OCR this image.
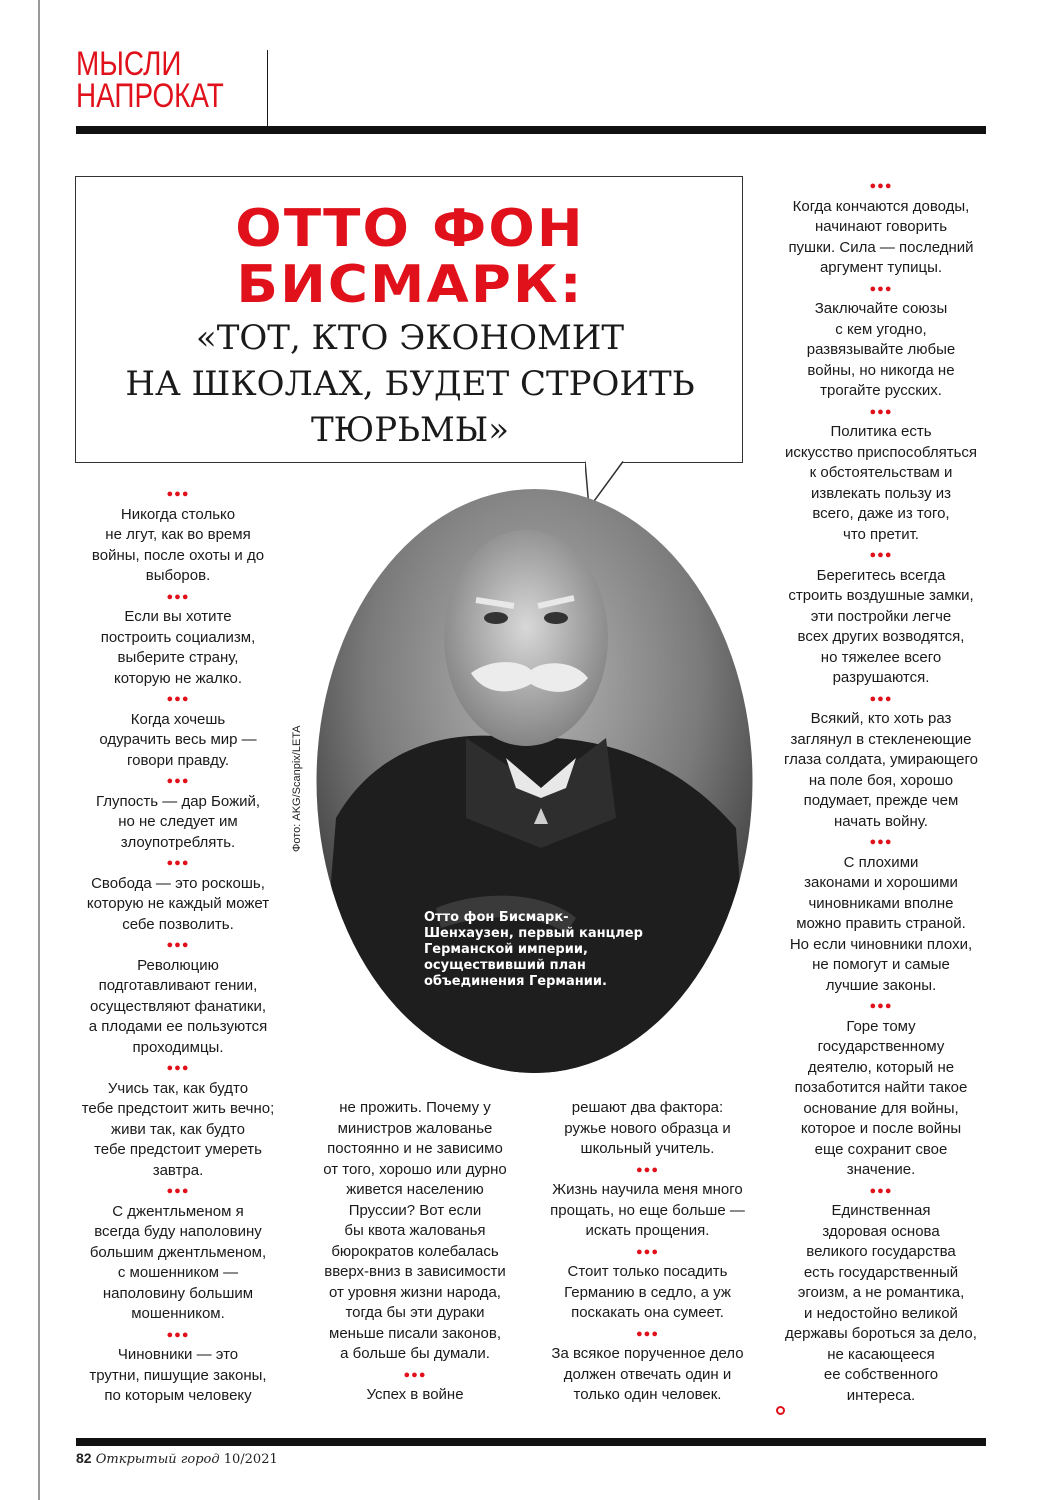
МЫСЛИ
НАПРОКАТ
ОТТО ФОН
БИСМАРК:
«ТОТ, КТО ЭКОНОМИТ
НА ШКОЛАХ, БУДЕТ СТРОИТЬ
ТЮРЬМЫ»
Фото: AKG/Scanpix/LETA
Отто фон Бисмарк-
Шенхаузен, первый канцлер
Германской империи,
осуществивший план
объединения Германии.
●●●

Никогда столько
не лгут, как во время
войны, после охоты и до
выборов.

●●●

Если вы хотите
построить социализм,
выберите страну,
которую не жалко.

●●●

Когда хочешь
одурачить весь мир —
говори правду.

●●●

Глупость — дар Божий,
но не следует им
злоупотреблять.

●●●

Свобода — это роскошь,
которую не каждый может
себе позволить.

●●●

Революцию
подготавливают гении,
осуществляют фанатики,
а плодами ее пользуются
проходимцы.

●●●

Учись так, как будто
тебе предстоит жить вечно;
живи так, как будто
тебе предстоит умереть
завтра.

●●●

С джентльменом я
всегда буду наполовину
большим джентльменом,
с мошенником —
наполовину большим
мошенником.

●●●

Чиновники — это
трутни, пишущие законы,
по которым человеку

не прожить. Почему у
министров жалованье
постоянно и не зависимо
от того, хорошо или дурно
живется населению
Пруссии? Вот если
бы квота жалованья
бюрократов колебалась
вверх-вниз в зависимости
от уровня жизни народа,
тогда бы эти дураки
меньше писали законов,
а больше бы думали.

●●●

Успех в войне

решают два фактора:
ружье нового образца и
школьный учитель.

●●●

Жизнь научила меня много
прощать, но еще больше —
искать прощения.

●●●

Стоит только посадить
Германию в седло, а уж
поскакать она сумеет.

●●●

За всякое порученное дело
должен отвечать один и
только один человек.

●●●

Когда кончаются доводы,
начинают говорить
пушки. Сила — последний
аргумент тупицы.

●●●

Заключайте союзы
с кем угодно,
развязывайте любые
войны, но никогда не
трогайте русских.

●●●

Политика есть
искусство приспособляться
к обстоятельствам и
извлекать пользу из
всего, даже из того,
что претит.

●●●

Берегитесь всегда
строить воздушные замки,
эти постройки легче
всех других возводятся,
но тяжелее всего
разрушаются.

●●●

Всякий, кто хоть раз
заглянул в стекленеющие
глаза солдата, умирающего
на поле боя, хорошо
подумает, прежде чем
начать войну.

●●●

С плохими
законами и хорошими
чиновниками вполне
можно править страной.
Но если чиновники плохи,
не помогут и самые
лучшие законы.

●●●

Горе тому
государственному
деятелю, который не
позаботится найти такое
основание для войны,
которое и после войны
еще сохранит свое
значение.

●●●

Единственная
здоровая основа
великого государства
есть государственный
эгоизм, а не романтика,
и недостойно великой
державы бороться за дело,
не касающееся
ее собственного
интереса.

82 Открытый город 10/2021
